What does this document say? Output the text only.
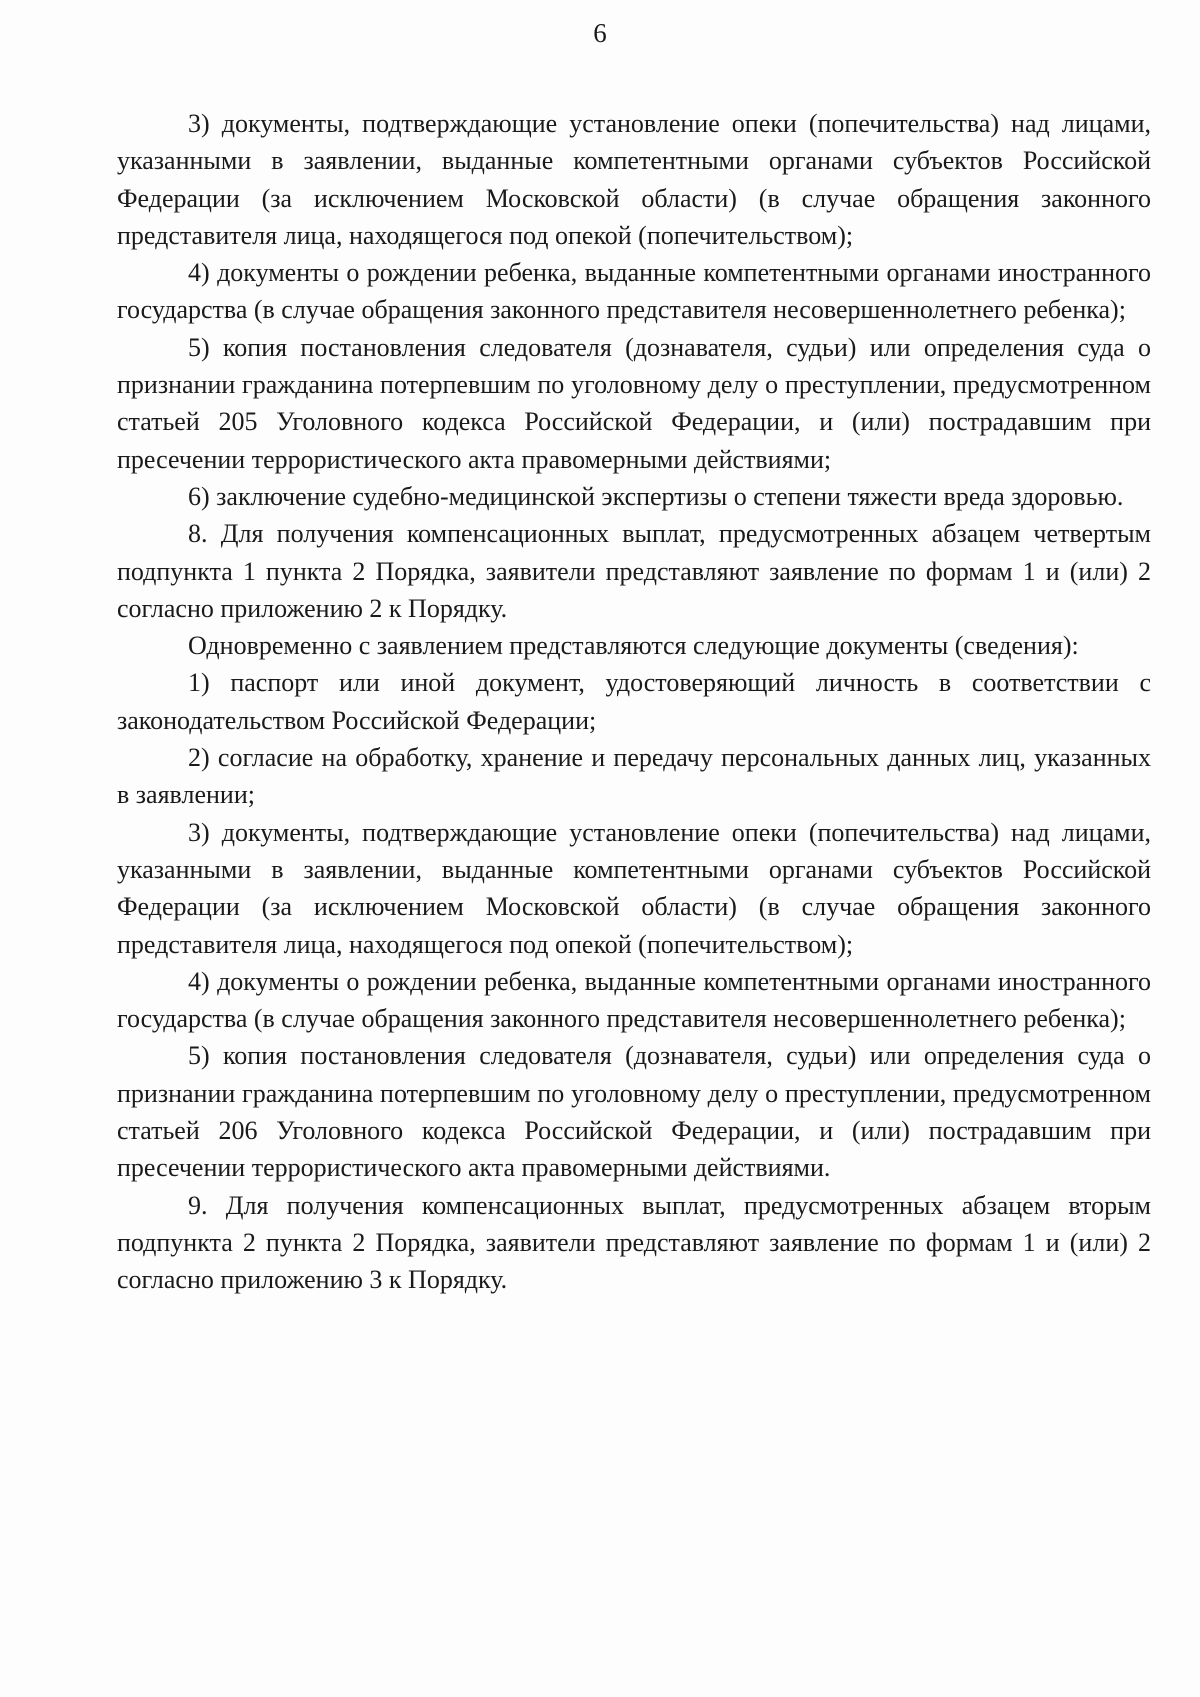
6

3) документы, подтверждающие установление опеки (попечительства) над лицами, указанными в заявлении, выданные компетентными органами субъектов Российской Федерации (за исключением Московской области) (в случае обращения законного представителя лица, находящегося под опекой (попечительством);

4) документы о рождении ребенка, выданные компетентными органами иностранного государства (в случае обращения законного представителя несовершеннолетнего ребенка);

5) копия постановления следователя (дознавателя, судьи) или определения суда о признании гражданина потерпевшим по уголовному делу о преступлении, предусмотренном статьей 205 Уголовного кодекса Российской Федерации, и (или) пострадавшим при пресечении террористического акта правомерными действиями;

6) заключение судебно-медицинской экспертизы о степени тяжести вреда здоровью.

8. Для получения компенсационных выплат, предусмотренных абзацем четвертым подпункта 1 пункта 2 Порядка, заявители представляют заявление по формам 1 и (или) 2 согласно приложению 2 к Порядку.

Одновременно с заявлением представляются следующие документы (сведения):

1) паспорт или иной документ, удостоверяющий личность в соответствии с законодательством Российской Федерации;

2) согласие на обработку, хранение и передачу персональных данных лиц, указанных в заявлении;

3) документы, подтверждающие установление опеки (попечительства) над лицами, указанными в заявлении, выданные компетентными органами субъектов Российской Федерации (за исключением Московской области) (в случае обращения законного представителя лица, находящегося под опекой (попечительством);

4) документы о рождении ребенка, выданные компетентными органами иностранного государства (в случае обращения законного представителя несовершеннолетнего ребенка);

5) копия постановления следователя (дознавателя, судьи) или определения суда о признании гражданина потерпевшим по уголовному делу о преступлении, предусмотренном статьей 206 Уголовного кодекса Российской Федерации, и (или) пострадавшим при пресечении террористического акта правомерными действиями.

9. Для получения компенсационных выплат, предусмотренных абзацем вторым подпункта 2 пункта 2 Порядка, заявители представляют заявление по формам 1 и (или) 2 согласно приложению 3 к Порядку.
